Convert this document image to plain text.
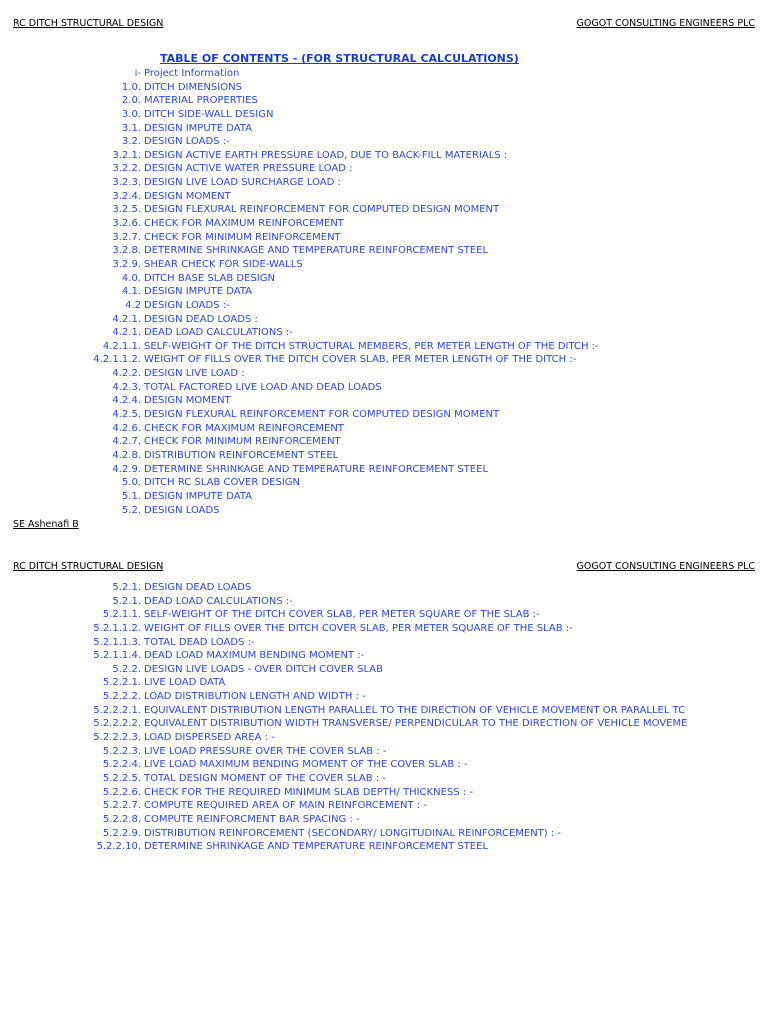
RC DITCH STRUCTURAL DESIGN	GOGOT CONSULTING ENGINEERS PLC
TABLE OF CONTENTS - (FOR STRUCTURAL CALCULATIONS)
i- Project Information
1.0. DITCH DIMENSIONS
2.0. MATERIAL PROPERTIES
3.0. DITCH SIDE-WALL DESIGN
3.1. DESIGN IMPUTE DATA
3.2. DESIGN LOADS :-
3.2.1. DESIGN ACTIVE EARTH PRESSURE LOAD, DUE TO BACK-FILL MATERIALS :
3.2.2. DESIGN ACTIVE WATER PRESSURE LOAD :
3.2.3. DESIGN LIVE LOAD SURCHARGE LOAD :
3.2.4. DESIGN MOMENT
3.2.5. DESIGN FLEXURAL REINFORCEMENT FOR COMPUTED DESIGN MOMENT
3.2.6. CHECK FOR MAXIMUM REINFORCEMENT
3.2.7. CHECK FOR MINIMUM REINFORCEMENT
3.2.8. DETERMINE SHRINKAGE AND TEMPERATURE REINFORCEMENT STEEL
3.2.9. SHEAR CHECK FOR SIDE-WALLS
4.0. DITCH BASE SLAB DESIGN
4.1. DESIGN IMPUTE DATA
4.2 DESIGN LOADS :-
4.2.1. DESIGN DEAD LOADS :
4.2.1. DEAD LOAD CALCULATIONS :-
4.2.1.1. SELF-WEIGHT OF THE DITCH STRUCTURAL MEMBERS, PER METER LENGTH OF THE DITCH :-
4.2.1.1.2. WEIGHT OF FILLS OVER THE DITCH COVER SLAB, PER METER LENGTH OF THE DITCH :-
4.2.2. DESIGN LIVE LOAD :
4.2.3. TOTAL FACTORED LIVE LOAD AND DEAD LOADS
4.2.4. DESIGN MOMENT
4.2.5. DESIGN FLEXURAL REINFORCEMENT FOR COMPUTED DESIGN MOMENT
4.2.6. CHECK FOR MAXIMUM REINFORCEMENT
4.2.7. CHECK FOR MINIMUM REINFORCEMENT
4.2.8. DISTRIBUTION REINFORCEMENT STEEL
4.2.9. DETERMINE SHRINKAGE AND TEMPERATURE REINFORCEMENT STEEL
5.0. DITCH RC SLAB COVER DESIGN
5.1. DESIGN IMPUTE DATA
5.2. DESIGN LOADS
SE Ashenafi B
RC DITCH STRUCTURAL DESIGN	GOGOT CONSULTING ENGINEERS PLC
5.2.1. DESIGN DEAD LOADS
5.2.1. DEAD LOAD CALCULATIONS :-
5.2.1.1. SELF-WEIGHT OF THE DITCH COVER SLAB, PER METER SQUARE OF THE SLAB :-
5.2.1.1.2. WEIGHT OF FILLS OVER THE DITCH COVER SLAB, PER METER SQUARE OF THE SLAB :-
5.2.1.1.3. TOTAL DEAD LOADS :-
5.2.1.1.4. DEAD LOAD MAXIMUM BENDING MOMENT :-
5.2.2. DESIGN LIVE LOADS - OVER DITCH COVER SLAB
5.2.2.1. LIVE LOAD DATA
5.2.2.2. LOAD DISTRIBUTION LENGTH AND WIDTH : -
5.2.2.2.1. EQUIVALENT DISTRIBUTION LENGTH PARALLEL TO THE DIRECTION OF VEHICLE MOVEMENT OR PARALLEL TC
5.2.2.2.2. EQUIVALENT DISTRIBUTION WIDTH TRANSVERSE/ PERPENDICULAR TO THE DIRECTION OF VEHICLE MOVEME
5.2.2.2.3. LOAD DISPERSED AREA : -
5.2.2.3. LIVE LOAD PRESSURE OVER THE COVER SLAB : -
5.2.2.4. LIVE LOAD MAXIMUM BENDING MOMENT OF THE COVER SLAB : -
5.2.2.5. TOTAL DESIGN MOMENT OF THE COVER SLAB : -
5.2.2.6. CHECK FOR THE REQUIRED MINIMUM SLAB DEPTH/ THICKNESS : -
5.2.2.7. COMPUTE REQUIRED AREA OF MAIN REINFORCEMENT : -
5.2.2.8. COMPUTE REINFORCMENT BAR SPACING : -
5.2.2.9. DISTRIBUTION REINFORCEMENT (SECONDARY/ LONGITUDINAL REINFORCEMENT) : -
5.2.2.10. DETERMINE SHRINKAGE AND TEMPERATURE REINFORCEMENT STEEL
